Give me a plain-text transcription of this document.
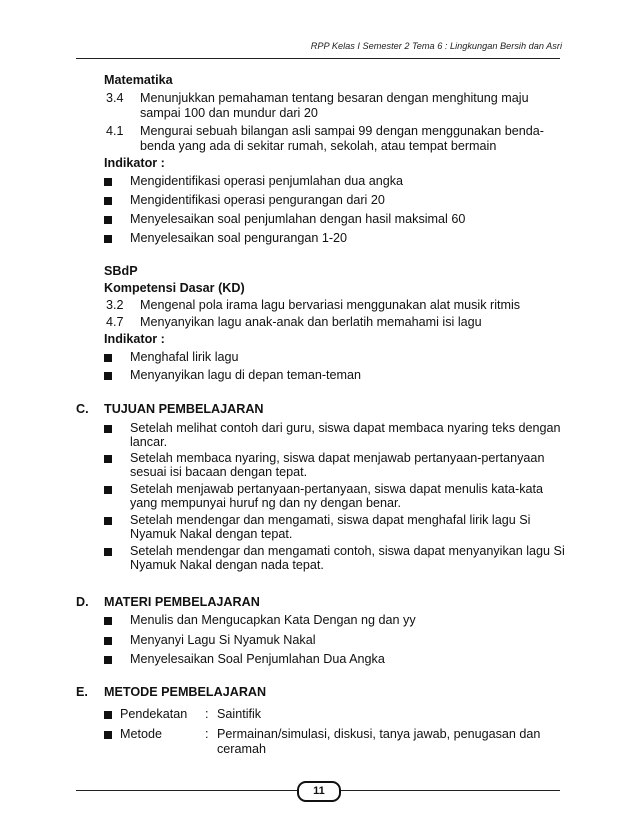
RPP Kelas I Semester 2 Tema 6 : Lingkungan Bersih dan Asri
Matematika
3.4 Menunjukkan pemahaman tentang besaran dengan menghitung maju
sampai 100 dan mundur dari 20
4.1 Mengurai sebuah bilangan asli sampai 99 dengan menggunakan benda-
benda yang ada di sekitar rumah, sekolah, atau tempat bermain
Indikator :
Mengidentifikasi operasi penjumlahan dua angka
Mengidentifikasi operasi pengurangan dari 20
Menyelesaikan soal penjumlahan dengan hasil maksimal 60
Menyelesaikan soal pengurangan 1-20
SBdP
Kompetensi Dasar (KD)
3.2 Mengenal pola irama lagu bervariasi menggunakan alat musik ritmis
4.7 Menyanyikan lagu anak-anak dan berlatih memahami isi lagu
Indikator :
Menghafal lirik lagu
Menyanyikan lagu di depan teman-teman
C. TUJUAN PEMBELAJARAN
Setelah melihat contoh dari guru, siswa dapat membaca nyaring teks dengan
lancar.
Setelah membaca nyaring, siswa dapat menjawab pertanyaan-pertanyaan
sesuai isi bacaan dengan tepat.
Setelah menjawab pertanyaan-pertanyaan, siswa dapat menulis kata-kata
yang mempunyai huruf ng dan ny dengan benar.
Setelah mendengar dan mengamati, siswa dapat menghafal lirik lagu Si
Nyamuk Nakal dengan tepat.
Setelah mendengar dan mengamati contoh, siswa dapat menyanyikan lagu Si
Nyamuk Nakal dengan nada tepat.
D. MATERI PEMBELAJARAN
Menulis dan Mengucapkan Kata Dengan ng dan yy
Menyanyi Lagu Si Nyamuk Nakal
Menyelesaikan Soal Penjumlahan Dua Angka
E. METODE PEMBELAJARAN
Pendekatan : Saintifik
Metode	: Permainan/simulasi, diskusi, tanya jawab, penugasan dan
ceramah
11
